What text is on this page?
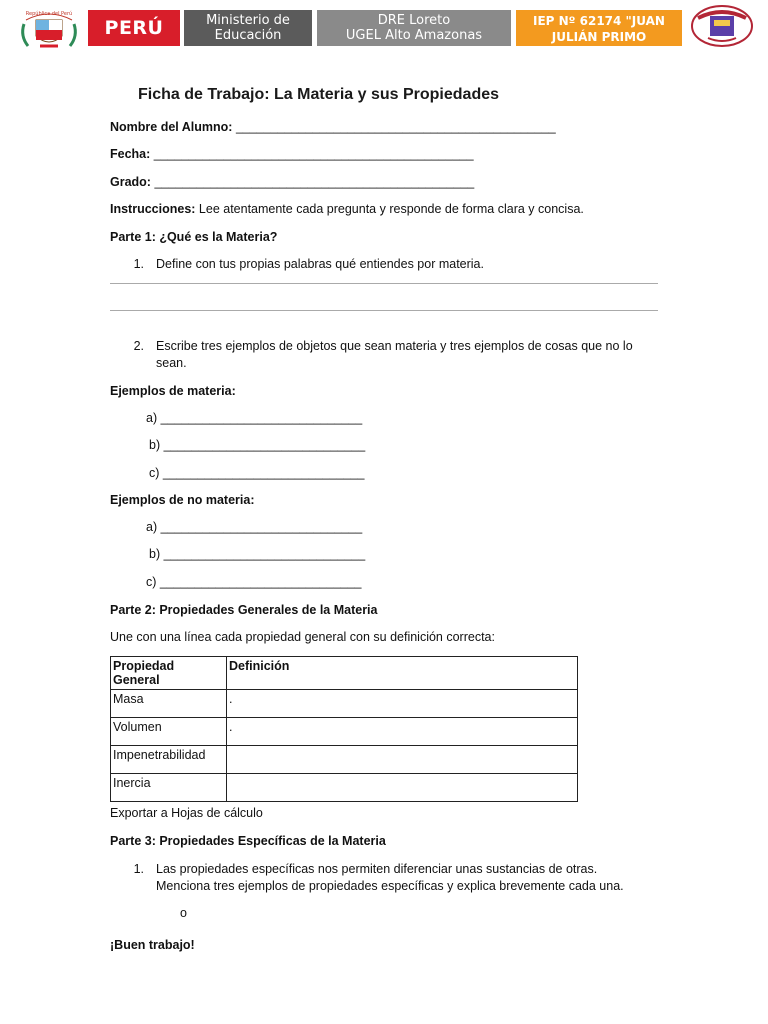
República del Perú
PERÚ	Ministerio de
Educación
DRE Loreto
UGEL Alto Amazonas
IEP Nº 62174 "JUAN
JULIÁN PRIMO
Ficha de Trabajo: La Materia y sus Propiedades
Nombre del Alumno: ______________________________________________
Fecha: ______________________________________________
Grado: ______________________________________________
Instrucciones: Lee atentamente cada pregunta y responde de forma clara y concisa.
Parte 1: ¿Qué es la Materia?
1. Define con tus propias palabras qué entiendes por materia.
2. Escribe tres ejemplos de objetos que sean materia y tres ejemplos de cosas que no lo
sean.
Ejemplos de materia:
a) _____________________________
b) _____________________________
c) _____________________________
Ejemplos de no materia:
a) _____________________________
b) _____________________________
c) _____________________________
Parte 2: Propiedades Generales de la Materia
Une con una línea cada propiedad general con su definición correcta:
Propiedad General	Definición
Masa	.
Volumen	.
Impenetrabilidad	
Inercia	
Exportar a Hojas de cálculo
Parte 3: Propiedades Específicas de la Materia
1. Las propiedades específicas nos permiten diferenciar unas sustancias de otras.
Menciona tres ejemplos de propiedades específicas y explica brevemente cada una.
o
¡Buen trabajo!
